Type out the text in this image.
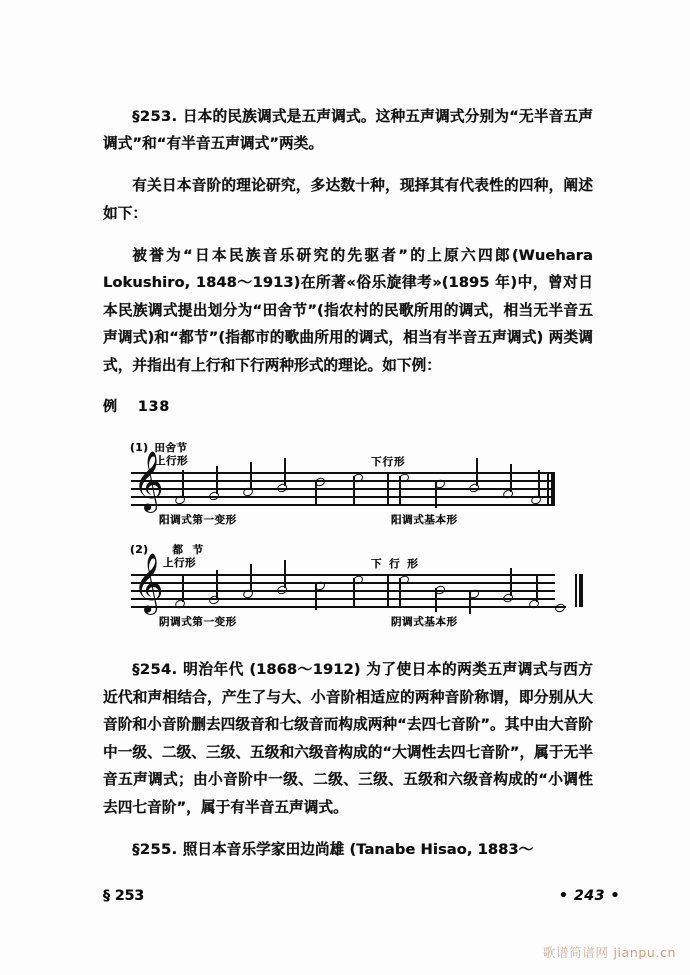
§253. 日本的民族调式是五声调式。这种五声调式分别为“无半音五声调式”和“有半音五声调式”两类。

有关日本音阶的理论研究，多达数十种，现择其有代表性的四种，阐述如下：

被誉为“日本民族音乐研究的先驱者”的上原六四郎(Wuehara Lokushiro, 1848～1913)在所著«俗乐旋律考»(1895 年)中，曾对日本民族调式提出划分为“田舍节”(指农村的民歌所用的调式，相当无半音五声调式)和“都节”(指都市的歌曲所用的调式，相当有半音五声调式) 两类调式，并指出有上行和下行两种形式的理论。如下例：

例 138
(1) 田舍节
上行形	下行形
𝄞
阳调式第一变形	阳调式基本形
(2) 都 节
上行形	下 行 形
𝄞
阴调式第一变形	阴调式基本形

§254. 明治年代 (1868～1912) 为了使日本的两类五声调式与西方近代和声相结合，产生了与大、小音阶相适应的两种音阶称谓，即分别从大音阶和小音阶删去四级音和七级音而构成两种“去四七音阶”。其中由大音阶中一级、二级、三级、五级和六级音构成的“大调性去四七音阶”，属于无半音五声调式；由小音阶中一级、二级、三级、五级和六级音构成的“小调性去四七音阶”，属于有半音五声调式。

§255. 照日本音乐学家田边尚雄 (Tanabe Hisao, 1883～

§ 253	• 243 •
歌谱简谱网 jianpu.cn
